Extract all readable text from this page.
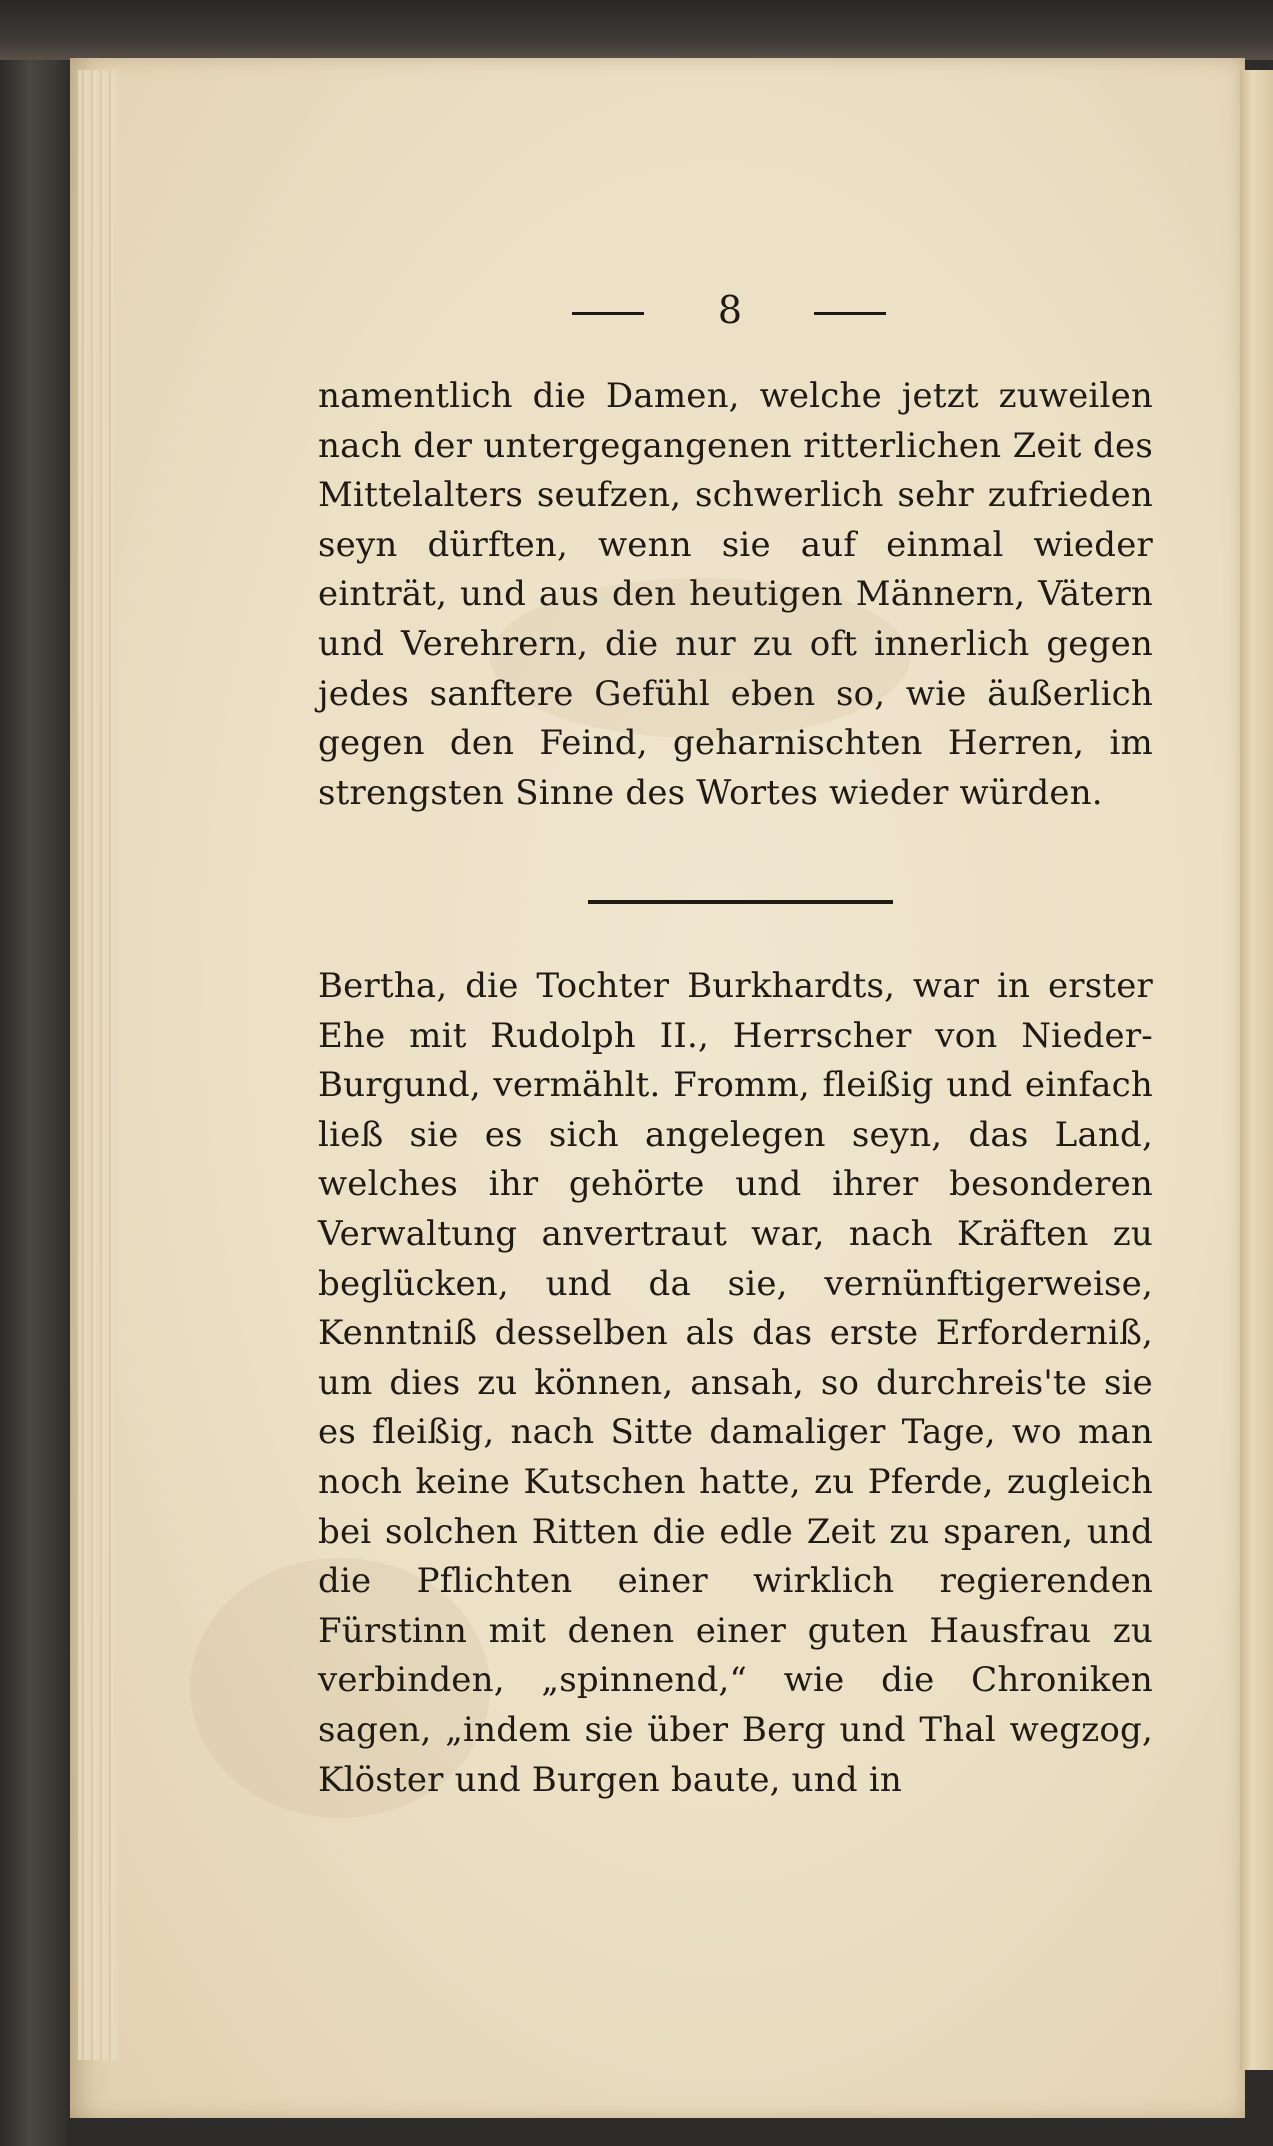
8

namentlich die Damen, welche jetzt zuweilen nach der untergegangenen ritterlichen Zeit des Mittelalters seufzen, schwerlich sehr zufrieden seyn dürften, wenn sie auf einmal wieder einträt, und aus den heutigen Männern, Vätern und Verehrern, die nur zu oft innerlich gegen jedes sanftere Gefühl eben so, wie äußerlich gegen den Feind, geharnischten Herren, im strengsten Sinne des Wortes wieder würden.

Bertha, die Tochter Burkhardts, war in erster Ehe mit Rudolph II., Herrscher von Nieder-Burgund, vermählt. Fromm, fleißig und einfach ließ sie es sich angelegen seyn, das Land, welches ihr gehörte und ihrer besonderen Verwaltung anvertraut war, nach Kräften zu beglücken, und da sie, vernünftigerweise, Kenntniß desselben als das erste Erforderniß, um dies zu können, ansah, so durchreis'te sie es fleißig, nach Sitte damaliger Tage, wo man noch keine Kutschen hatte, zu Pferde, zugleich bei solchen Ritten die edle Zeit zu sparen, und die Pflichten einer wirklich regierenden Fürstinn mit denen einer guten Hausfrau zu verbinden, „spinnend,“ wie die Chroniken sagen, „indem sie über Berg und Thal wegzog, Klöster und Burgen baute, und in
